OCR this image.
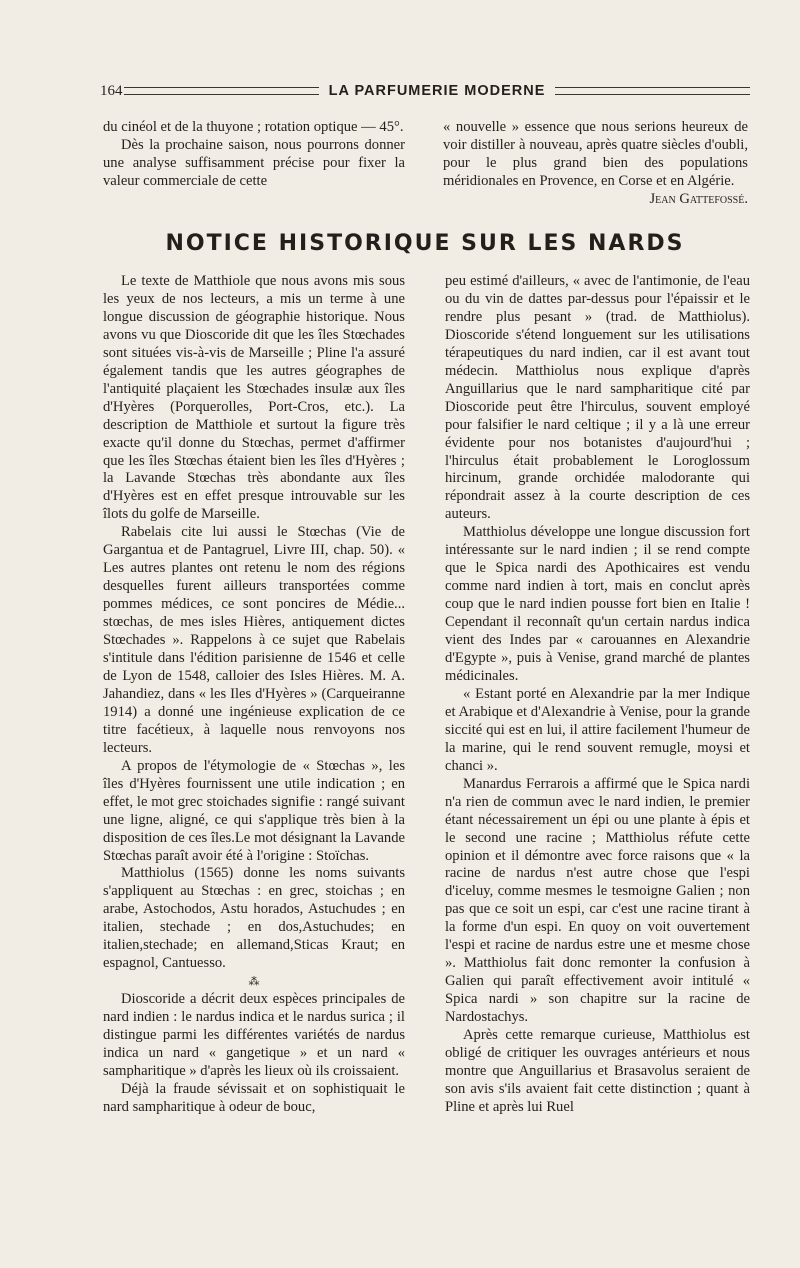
164	LA PARFUMERIE MODERNE

du cinéol et de la thuyone ; rotation optique — 45°.

Dès la prochaine saison, nous pourrons donner une analyse suffisamment précise pour fixer la valeur commerciale de cette

« nouvelle » essence que nous serions heureux de voir distiller à nouveau, après quatre siècles d'oubli, pour le plus grand bien des populations méridionales en Provence, en Corse et en Algérie.

Jean Gattefossé.

NOTICE HISTORIQUE SUR LES NARDS

Le texte de Matthiole que nous avons mis sous les yeux de nos lecteurs, a mis un terme à une longue discussion de géographie historique. Nous avons vu que Dioscoride dit que les îles Stœchades sont situées vis-à-vis de Marseille ; Pline l'a assuré également tandis que les autres géographes de l'antiquité plaçaient les Stœchades insulæ aux îles d'Hyères (Porquerolles, Port-Cros, etc.). La description de Matthiole et surtout la figure très exacte qu'il donne du Stœchas, permet d'affirmer que les îles Stœchas étaient bien les îles d'Hyères ; la Lavande Stœchas très abondante aux îles d'Hyères est en effet presque introuvable sur les îlots du golfe de Marseille.

Rabelais cite lui aussi le Stœchas (Vie de Gargantua et de Pantagruel, Livre III, chap. 50). « Les autres plantes ont retenu le nom des régions desquelles furent ailleurs transportées comme pommes médices, ce sont poncires de Médie... stœchas, de mes isles Hières, antiquement dictes Stœchades ». Rappelons à ce sujet que Rabelais s'intitule dans l'édition parisienne de 1546 et celle de Lyon de 1548, calloier des Isles Hières. M. A. Jahandiez, dans « les Iles d'Hyères » (Carqueiranne 1914) a donné une ingénieuse explication de ce titre facétieux, à laquelle nous renvoyons nos lecteurs.

A propos de l'étymologie de « Stœchas », les îles d'Hyères fournissent une utile indication ; en effet, le mot grec stoichades signifie : rangé suivant une ligne, aligné, ce qui s'applique très bien à la disposition de ces îles.Le mot désignant la Lavande Stœchas paraît avoir été à l'origine : Stoïchas.

Matthiolus (1565) donne les noms suivants s'appliquent au Stœchas : en grec, stoichas ; en arabe, Astochodos, Astu horados, Astuchudes ; en italien, stechade ; en dos,Astuchudes; en italien,stechade; en allemand,Sticas Kraut; en espagnol, Cantuesso.

⁂

Dioscoride a décrit deux espèces principales de nard indien : le nardus indica et le nardus surica ; il distingue parmi les différentes variétés de nardus indica un nard « gangetique » et un nard « sampharitique » d'après les lieux où ils croissaient.

Déjà la fraude sévissait et on sophistiquait le nard sampharitique à odeur de bouc,

peu estimé d'ailleurs, « avec de l'antimonie, de l'eau ou du vin de dattes par-dessus pour l'épaissir et le rendre plus pesant » (trad. de Matthiolus). Dioscoride s'étend longuement sur les utilisations térapeutiques du nard indien, car il est avant tout médecin. Matthiolus nous explique d'après Anguillarius que le nard sampharitique cité par Dioscoride peut être l'hirculus, souvent employé pour falsifier le nard celtique ; il y a là une erreur évidente pour nos botanistes d'aujourd'hui ; l'hirculus était probablement le Loroglossum hircinum, grande orchidée malodorante qui répondrait assez à la courte description de ces auteurs.

Matthiolus développe une longue discussion fort intéressante sur le nard indien ; il se rend compte que le Spica nardi des Apothicaires est vendu comme nard indien à tort, mais en conclut après coup que le nard indien pousse fort bien en Italie ! Cependant il reconnaît qu'un certain nardus indica vient des Indes par « carouannes en Alexandrie d'Egypte », puis à Venise, grand marché de plantes médicinales.

« Estant porté en Alexandrie par la mer Indique et Arabique et d'Alexandrie à Venise, pour la grande siccité qui est en lui, il attire facilement l'humeur de la marine, qui le rend souvent remugle, moysi et chanci ».

Manardus Ferrarois a affirmé que le Spica nardi n'a rien de commun avec le nard indien, le premier étant nécessairement un épi ou une plante à épis et le second une racine ; Matthiolus réfute cette opinion et il démontre avec force raisons que « la racine de nardus n'est autre chose que l'espi d'iceluy, comme mesmes le tesmoigne Galien ; non pas que ce soit un espi, car c'est une racine tirant à la forme d'un espi. En quoy on voit ouvertement l'espi et racine de nardus estre une et mesme chose ». Matthiolus fait donc remonter la confusion à Galien qui paraît effectivement avoir intitulé « Spica nardi » son chapitre sur la racine de Nardostachys.

Après cette remarque curieuse, Matthiolus est obligé de critiquer les ouvrages antérieurs et nous montre que Anguillarius et Brasavolus seraient de son avis s'ils avaient fait cette distinction ; quant à Pline et après lui Ruel
